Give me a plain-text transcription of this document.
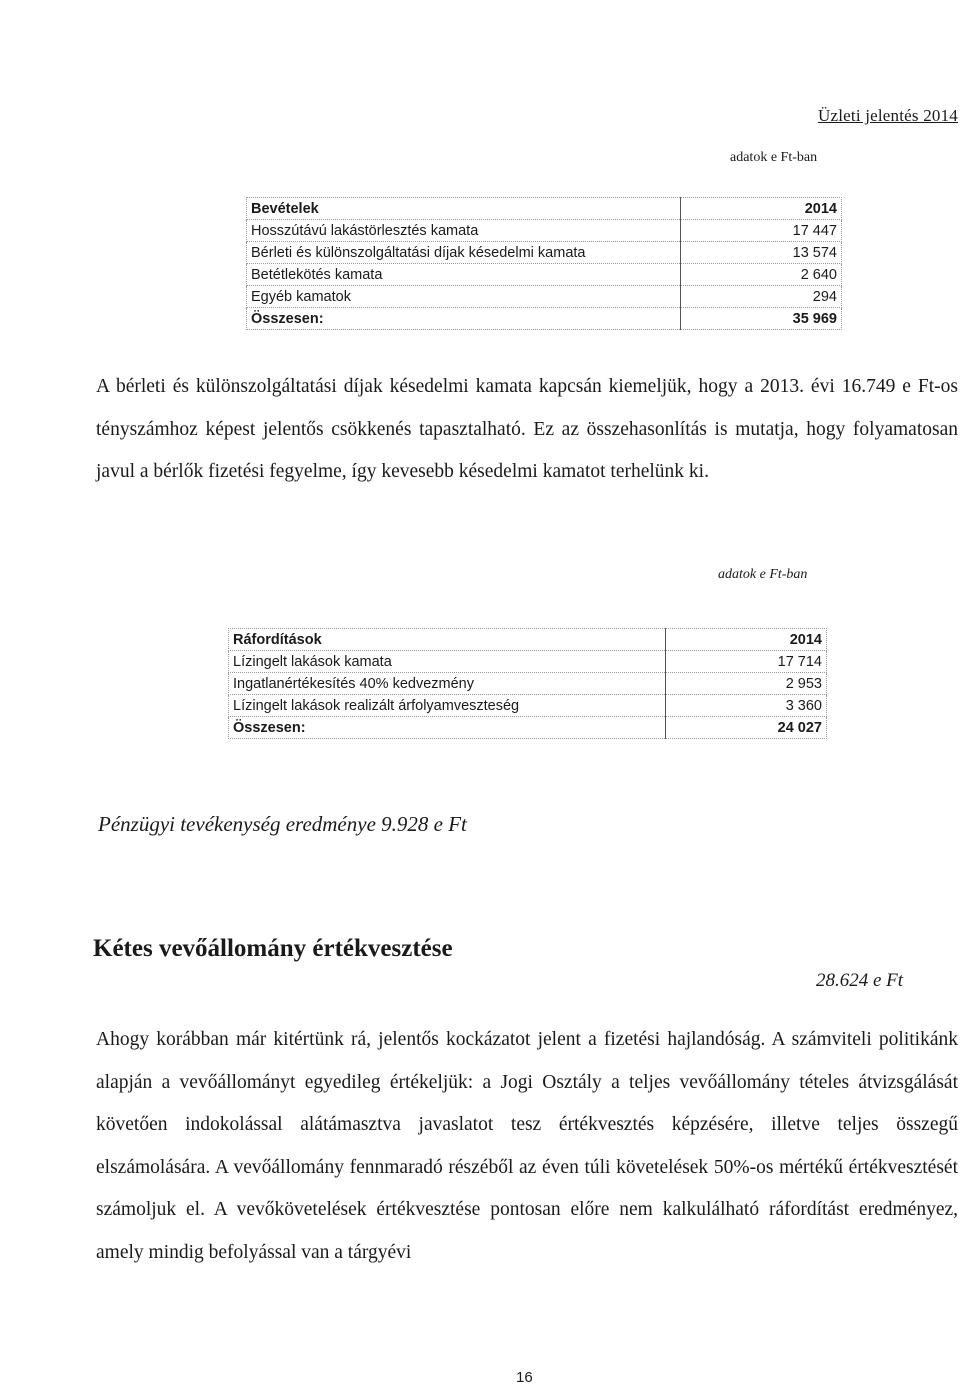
Üzleti jelentés 2014
adatok e Ft-ban
Bevételek	2014
Hosszútávú lakástörlesztés kamata	17 447
Bérleti és különszolgáltatási díjak késedelmi kamata	13 574
Betétlekötés kamata	2 640
Egyéb kamatok	294
Összesen:	35 969
A bérleti és különszolgáltatási díjak késedelmi kamata kapcsán kiemeljük, hogy a 2013. évi 16.749 e Ft-os tényszámhoz képest jelentős csökkenés tapasztalható. Ez az összehasonlítás is mutatja, hogy folyamatosan javul a bérlők fizetési fegyelme, így kevesebb késedelmi kamatot terhelünk ki.
adatok e Ft-ban
Ráfordítások	2014
Lízingelt lakások kamata	17 714
Ingatlanértékesítés 40% kedvezmény	2 953
Lízingelt lakások realizált árfolyamveszteség	3 360
Összesen:	24 027
Pénzügyi tevékenység eredménye 9.928 e Ft
Kétes vevőállomány értékvesztése
28.624 e Ft
Ahogy korábban már kitértünk rá, jelentős kockázatot jelent a fizetési hajlandóság. A számviteli politikánk alapján a vevőállományt egyedileg értékeljük: a Jogi Osztály a teljes vevőállomány tételes átvizsgálását követően indokolással alátámasztva javaslatot tesz értékvesztés képzésére, illetve teljes összegű elszámolására. A vevőállomány fennmaradó részéből az éven túli követelések 50%-os mértékű értékvesztését számoljuk el. A vevőkövetelések értékvesztése pontosan előre nem kalkulálható ráfordítást eredményez, amely mindig befolyással van a tárgyévi
16
